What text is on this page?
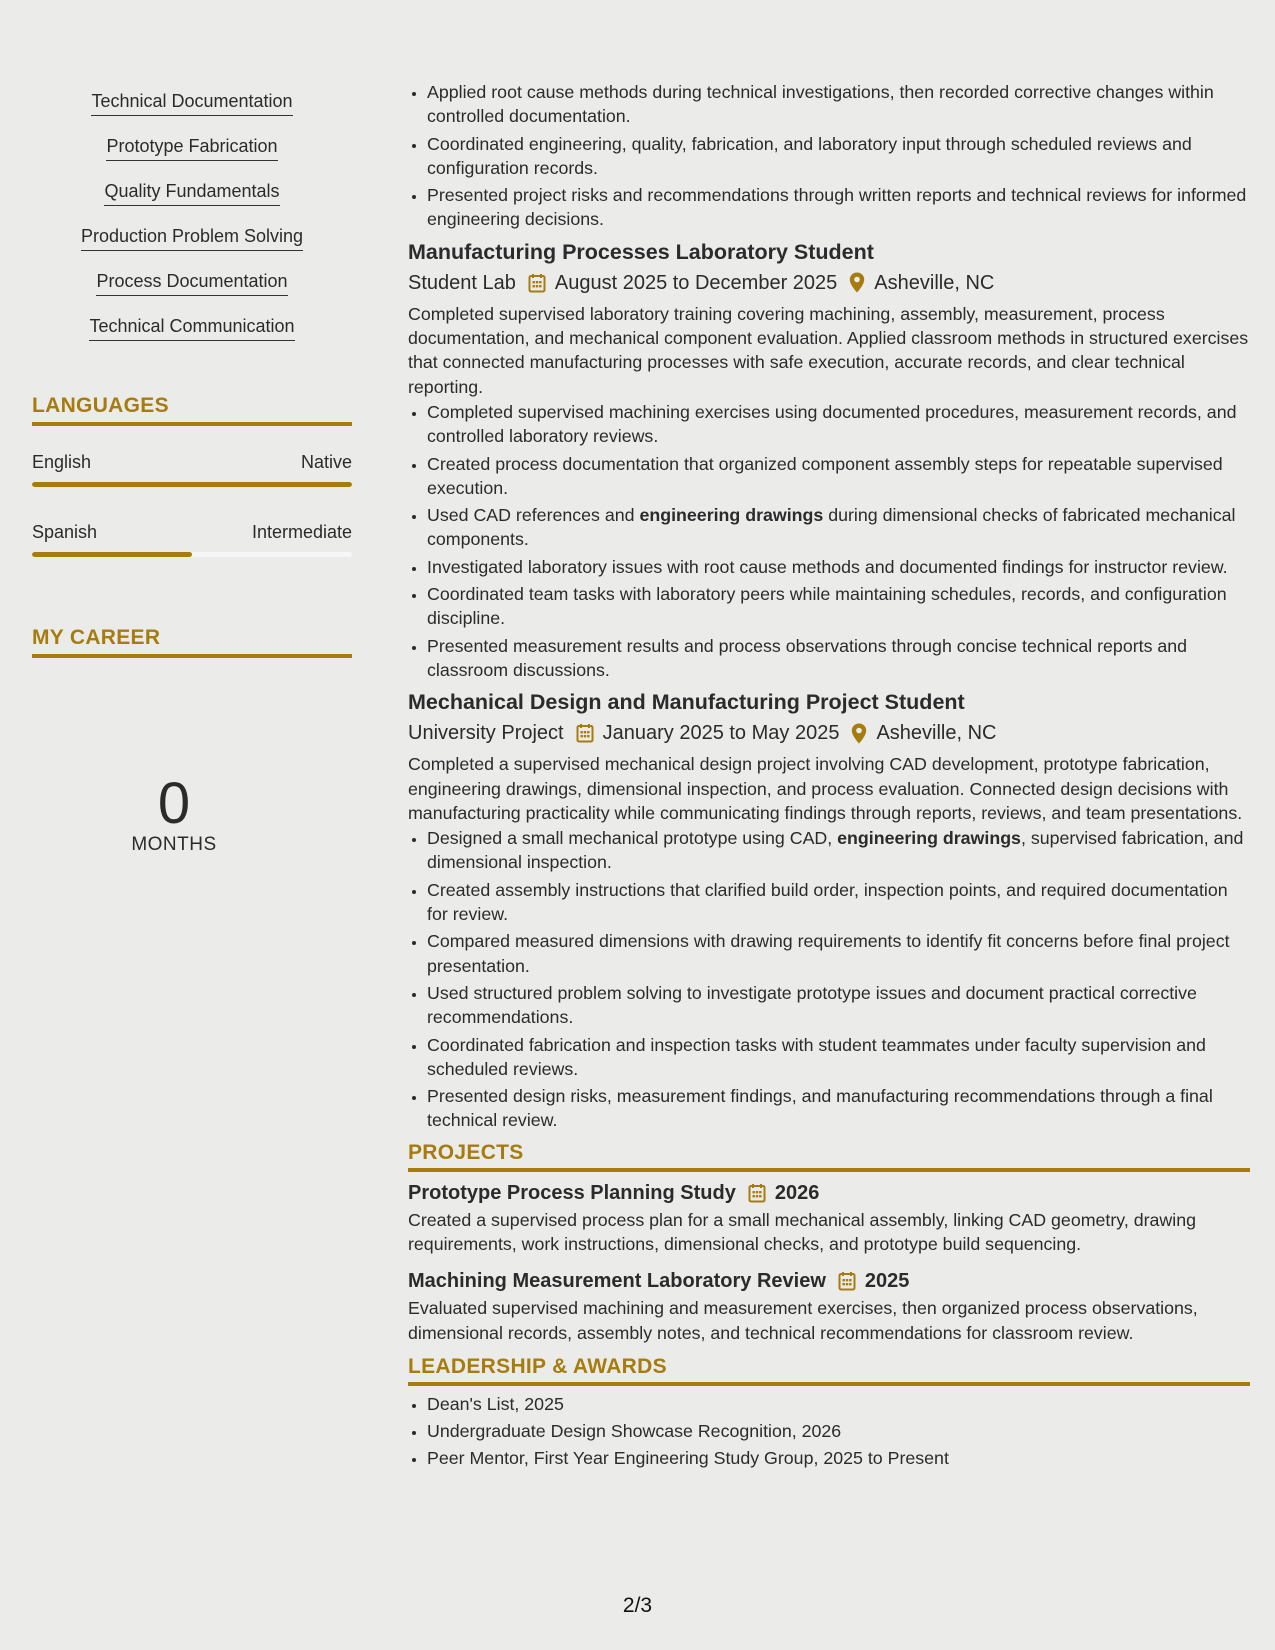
Technical Documentation
Prototype Fabrication
Quality Fundamentals
Production Problem Solving
Process Documentation
Technical Communication
LANGUAGES
English	Native
Spanish	Intermediate
MY CAREER
0
MONTHS
• Applied root cause methods during technical investigations, then recorded corrective changes within controlled documentation.
• Coordinated engineering, quality, fabrication, and laboratory input through scheduled reviews and configuration records.
• Presented project risks and recommendations through written reports and technical reviews for informed engineering decisions.
Manufacturing Processes Laboratory Student
Student Lab August 2025 to December 2025 Asheville, NC
Completed supervised laboratory training covering machining, assembly, measurement, process documentation, and mechanical component evaluation. Applied classroom methods in structured exercises that connected manufacturing processes with safe execution, accurate records, and clear technical reporting.
• Completed supervised machining exercises using documented procedures, measurement records, and controlled laboratory reviews.
• Created process documentation that organized component assembly steps for repeatable supervised execution.
• Used CAD references and engineering drawings during dimensional checks of fabricated mechanical components.
• Investigated laboratory issues with root cause methods and documented findings for instructor review.
• Coordinated team tasks with laboratory peers while maintaining schedules, records, and configuration discipline.
• Presented measurement results and process observations through concise technical reports and classroom discussions.
Mechanical Design and Manufacturing Project Student
University Project January 2025 to May 2025 Asheville, NC
Completed a supervised mechanical design project involving CAD development, prototype fabrication, engineering drawings, dimensional inspection, and process evaluation. Connected design decisions with manufacturing practicality while communicating findings through reports, reviews, and team presentations.
• Designed a small mechanical prototype using CAD, engineering drawings, supervised fabrication, and dimensional inspection.
• Created assembly instructions that clarified build order, inspection points, and required documentation for review.
• Compared measured dimensions with drawing requirements to identify fit concerns before final project presentation.
• Used structured problem solving to investigate prototype issues and document practical corrective recommendations.
• Coordinated fabrication and inspection tasks with student teammates under faculty supervision and scheduled reviews.
• Presented design risks, measurement findings, and manufacturing recommendations through a final technical review.
PROJECTS
Prototype Process Planning Study 2026
Created a supervised process plan for a small mechanical assembly, linking CAD geometry, drawing requirements, work instructions, dimensional checks, and prototype build sequencing.
Machining Measurement Laboratory Review 2025
Evaluated supervised machining and measurement exercises, then organized process observations, dimensional records, assembly notes, and technical recommendations for classroom review.
LEADERSHIP & AWARDS
• Dean's List, 2025
• Undergraduate Design Showcase Recognition, 2026
• Peer Mentor, First Year Engineering Study Group, 2025 to Present
2/3
